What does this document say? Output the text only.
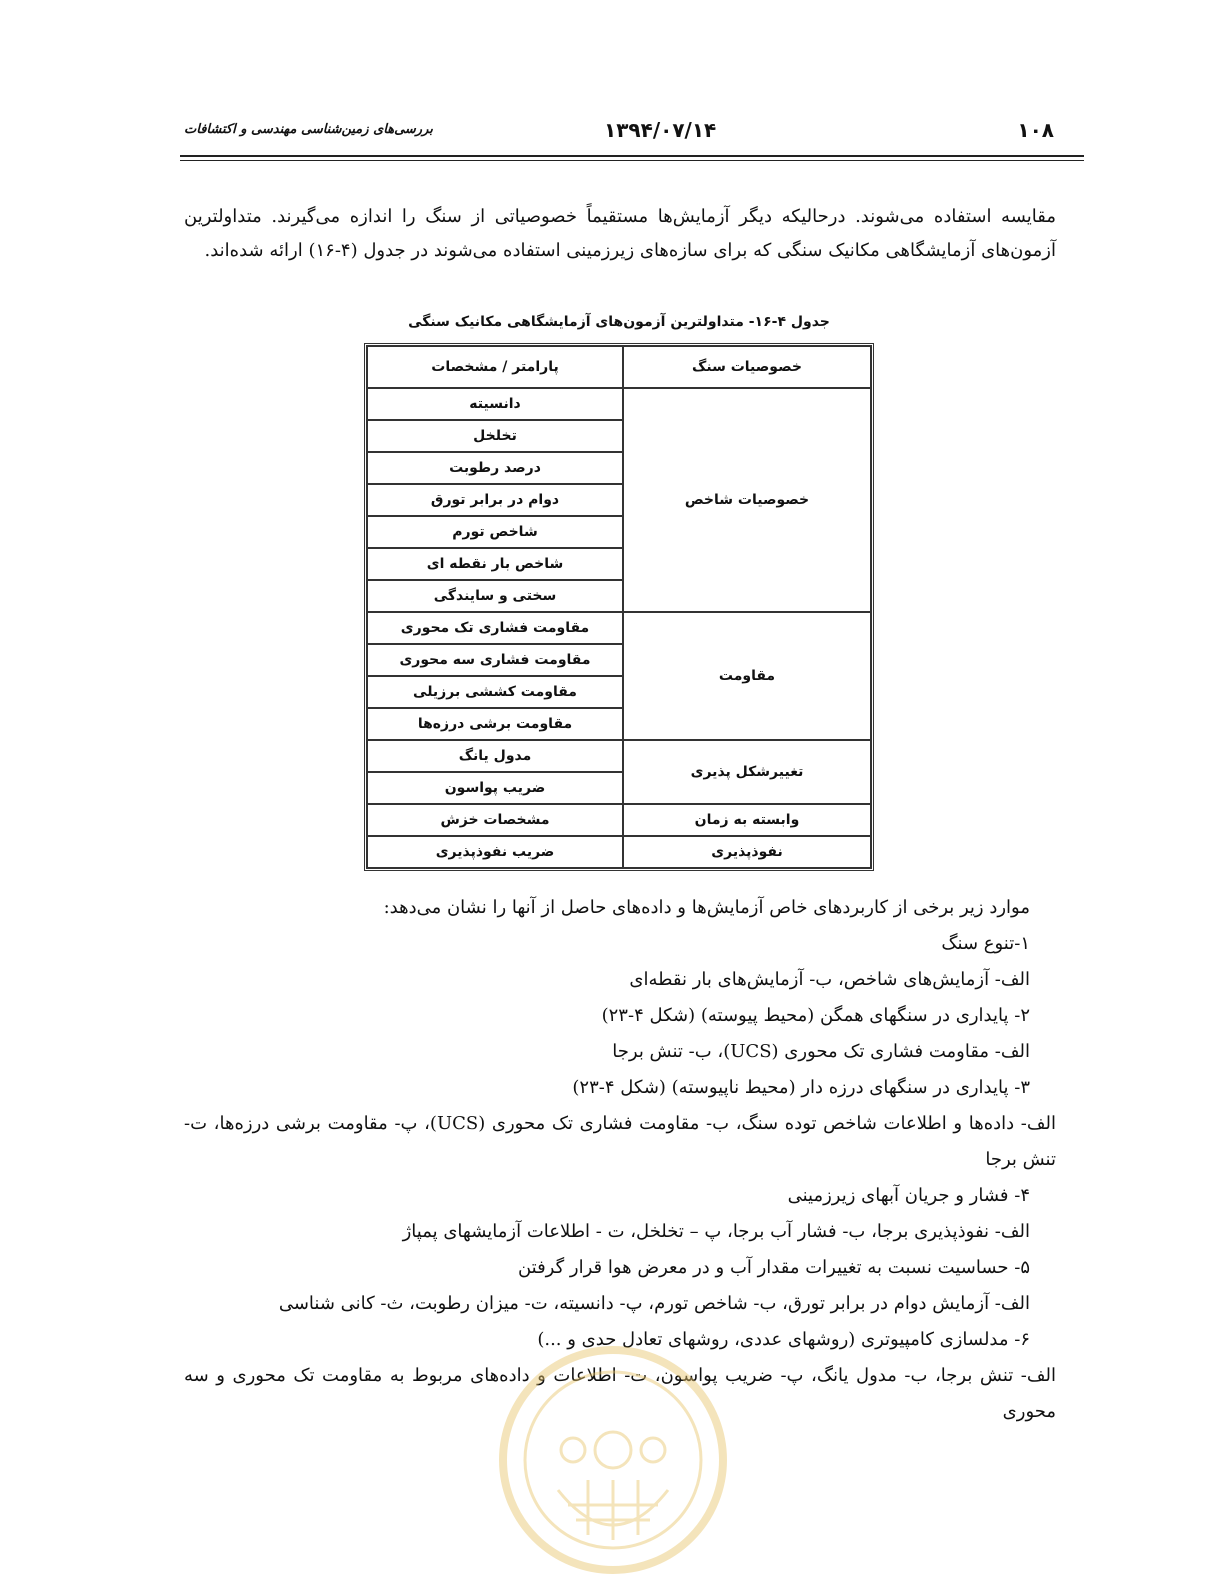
۱۰۸
۱۳۹۴/۰۷/۱۴
بررسی‌های زمین‌شناسی مهندسی و اکتشافات
مقایسه استفاده می‌شوند. درحالیکه دیگر آزمایش‌ها مستقیماً خصوصیاتی از سنگ را اندازه می‌گیرند. متداولترین آزمون‌های آزمایشگاهی مکانیک سنگی که برای سازه‌های زیرزمینی استفاده می‌شوند در جدول (۴-۱۶) ارائه شده‌اند.
جدول ۴-۱۶- متداولترین آزمون‌های آزمایشگاهی مکانیک سنگی
خصوصیات سنگ	پارامتر / مشخصات
خصوصیات شاخص	دانسیته
	تخلخل
	درصد رطوبت
	دوام در برابر تورق
	شاخص تورم
	شاخص بار نقطه ای
	سختی و سایندگی
مقاومت	مقاومت فشاری تک محوری
	مقاومت فشاری سه محوری
	مقاومت کششی برزیلی
	مقاومت برشی درزه‌ها
تغییرشکل پذیری	مدول یانگ
	ضریب پواسون
وابسته به زمان	مشخصات خزش
نفوذپذیری	ضریب نفوذپذیری
موارد زیر برخی از کاربردهای خاص آزمایش‌ها و داده‌های حاصل از آنها را نشان می‌دهد:
۱-تنوع سنگ
الف- آزمایش‌های شاخص، ب- آزمایش‌های بار نقطه‌ای
۲- پایداری در سنگهای همگن (محیط پیوسته) (شکل ۴-۲۳)
الف- مقاومت فشاری تک محوری (UCS)، ب- تنش برجا
۳- پایداری در سنگهای درزه دار (محیط ناپیوسته) (شکل ۴-۲۳)
الف- داده‌ها و اطلاعات شاخص توده سنگ، ب- مقاومت فشاری تک محوری (UCS)، پ- مقاومت برشی درزه‌ها، ت- تنش برجا
۴- فشار و جریان آبهای زیرزمینی
الف- نفوذپذیری برجا، ب- فشار آب برجا، پ – تخلخل، ت - اطلاعات آزمایشهای پمپاژ
۵- حساسیت نسبت به تغییرات مقدار آب و در معرض هوا قرار گرفتن
الف- آزمایش دوام در برابر تورق، ب- شاخص تورم، پ- دانسیته، ت- میزان رطوبت، ث- کانی شناسی
۶- مدلسازی کامپیوتری (روشهای عددی، روشهای تعادل حدی و ...)
الف- تنش برجا، ب- مدول یانگ، پ- ضریب پواسون، ت- اطلاعات و داده‌های مربوط به مقاومت تک محوری و سه محوری
